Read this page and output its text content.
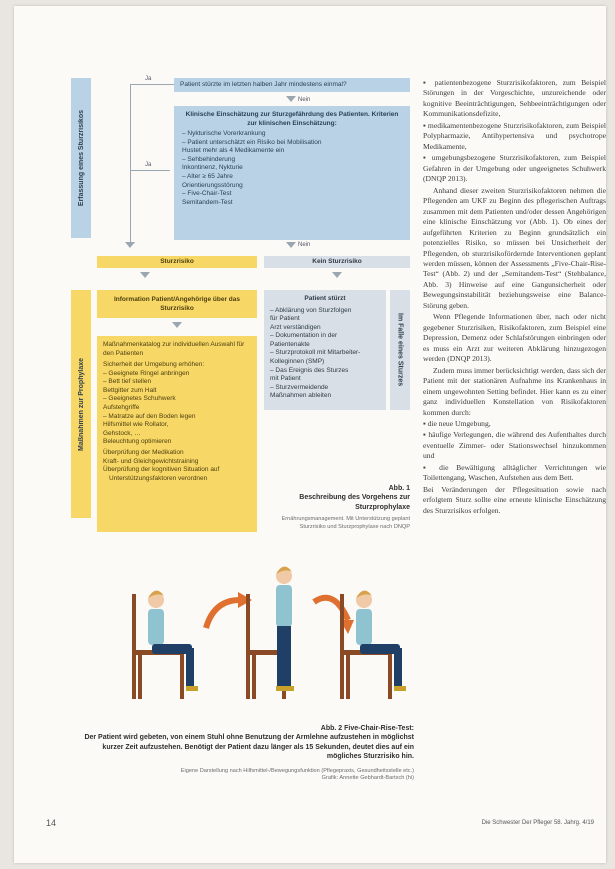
Erfassung eines Sturzrisikos
Maßnahmen zur Prophylaxe
Ja
Ja
Patient stürzte im letzten halben Jahr mindestens einmal?
Nein
Klinische Einschätzung zur Sturzgefährdung des Patienten. Kriterien zur klinischen Einschätzung:
– Nykturische Vorerkrankung
– Patient unterschätzt ein Risiko bei Mobilisation
Hustet mehr als 4 Medikamente ein
– Sehbehinderung
Inkontinenz, Nykturie
– Alter ≥ 65 Jahre
Orientierungsstörung
– Five-Chair-Test
Semitandem-Test
Nein
Sturzrisiko	Kein Sturzrisiko
Information Patient/Angehörige über das Sturzrisiko
Maßnahmenkatalog zur individuellen Auswahl für den Patienten
Sicherheit der Umgebung erhöhen:
– Geeignete Ringel anbringen
– Bett tief stellen
Bettgitter zum Halt
– Geeignetes Schuhwerk
Aufstehgriffe
– Matratze auf den Boden legen
Hilfsmittel wie Rollator,
Gehstock, …
Beleuchtung optimieren
Überprüfung der Medikation
Kraft- und Gleichgewichtstraining
Überprüfung der kognitiven Situation auf Unterstützungsfaktoren verordnen
Im Falle eines Sturzes
Patient stürzt
– Abklärung von Sturzfolgen
für Patient
Arzt verständigen
– Dokumentation in der
Patientenakte
– Sturzprotokoll mit Mitarbeiter-
Kolleginnen (SMP)
– Das Ereignis des Sturzes
mit Patient
– Sturzvermeidende
Maßnahmen ableiten
Abb. 1
Beschreibung des Vorgehens zur Sturzprophylaxe
Ernährungsmanagement. Mit Unterstützung geplant
Sturzrisiko und Sturzprophylaxe nach DNQP

▪ patientenbezogene Sturzrisikofaktoren, zum Beispiel Störungen in der Vorgeschichte, unzureichende oder kognitive Beeinträchtigungen, Sehbeeinträchtigungen oder Kommunikationsdefizite,

▪ medikamentenbezogene Sturzrisikofaktoren, zum Beispiel Polypharmazie, Antihypertensiva und psychotrope Medikamente,

▪ umgebungsbezogene Sturzrisikofaktoren, zum Beispiel Gefahren in der Umgebung oder ungeeignetes Schuhwerk (DNQP 2013).

Anhand dieser zweiten Sturzrisikofaktoren nehmen die Pflegenden am UKF zu Beginn des pflegerischen Auftrags zusammen mit dem Patienten und/oder dessen Angehörigen eine klinische Einschätzung vor (Abb. 1). Ob eines der aufgeführten Kriterien zu Beginn grundsätzlich ein potenzielles Risiko, so müssen bei Unsicherheit der Pflegenden, ob sturzrisikofördernde Interventionen geplant werden müssen, können der Assessments „Five-Chair-Rise-Test“ (Abb. 2) und der „Semitandem-Test“ (Stehbalance, Abb. 3) Hinweise auf eine Gangunsicherheit oder Bewegungsinstabilität beziehungsweise eine Balance-Störung geben.

Wenn Pflegende Informationen über, nach oder nicht gegebener Sturzrisiken, Risikofaktoren, zum Beispiel eine Depression, Demenz oder Schlafstörungen einbringen oder es muss ein Arzt zur weiteren Abklärung hinzugezogen werden (DNQP 2013).

Zudem muss immer berücksichtigt werden, dass sich der Patient mit der stationären Aufnahme ins Krankenhaus in einem ungewohnten Setting befindet. Hier kann es zu einer ganz individuellen Konstellation von Risikofaktoren kommen durch:

▪ die neue Umgebung,

▪ häufige Verlegungen, die während des Aufenthaltes durch eventuelle Zimmer- oder Stationswechsel hinzukommen und

▪ die Bewältigung alltäglicher Verrichtungen wie Toilettengang, Waschen, Aufstehen aus dem Bett.

Bei Veränderungen der Pflegesituation sowie nach erfolgtem Sturz sollte eine erneute klinische Einschätzung des Sturzrisikos erfolgen.

Abb. 2 Five-Chair-Rise-Test:
Der Patient wird gebeten, von einem Stuhl ohne Benutzung der Armlehne aufzustehen in möglichst kurzer Zeit aufzustehen. Benötigt der Patient dazu länger als 15 Sekunden, deutet dies auf ein mögliches Sturzrisiko hin.
Eigene Darstellung nach Hilfsmittel-/Bewegungsfunktion (Pflegepraxis, Gesundheitsstelle etc.)
Grafik: Annette Gebhardt-Bartsch (hi)
14	Die Schwester Der Pfleger 58. Jahrg. 4/19
